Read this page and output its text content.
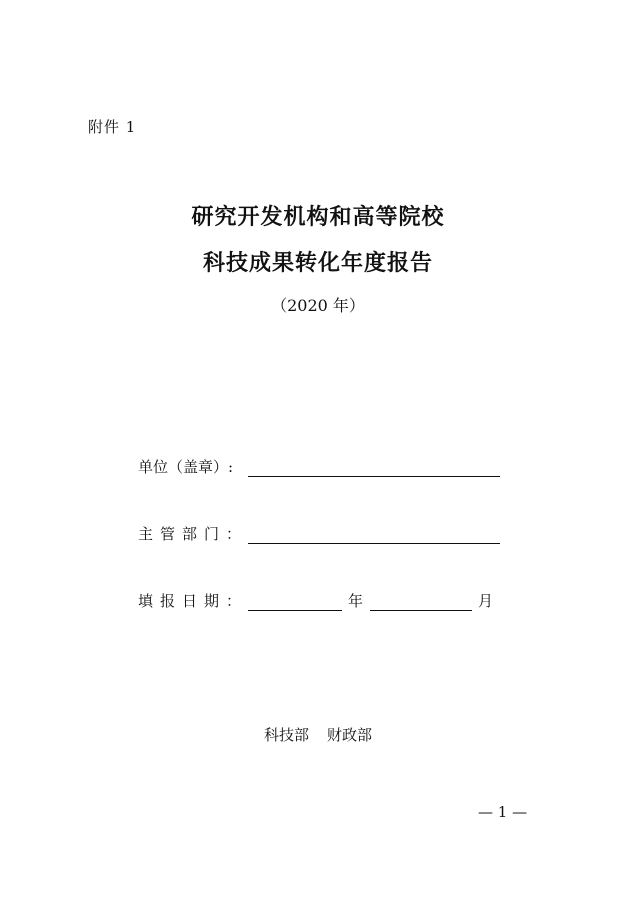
附件 1
研究开发机构和高等院校
科技成果转化年度报告
（2020 年）
单位（盖章）:
主管部门：
填报日期：	年	月
科技部 财政部
— 1 —
